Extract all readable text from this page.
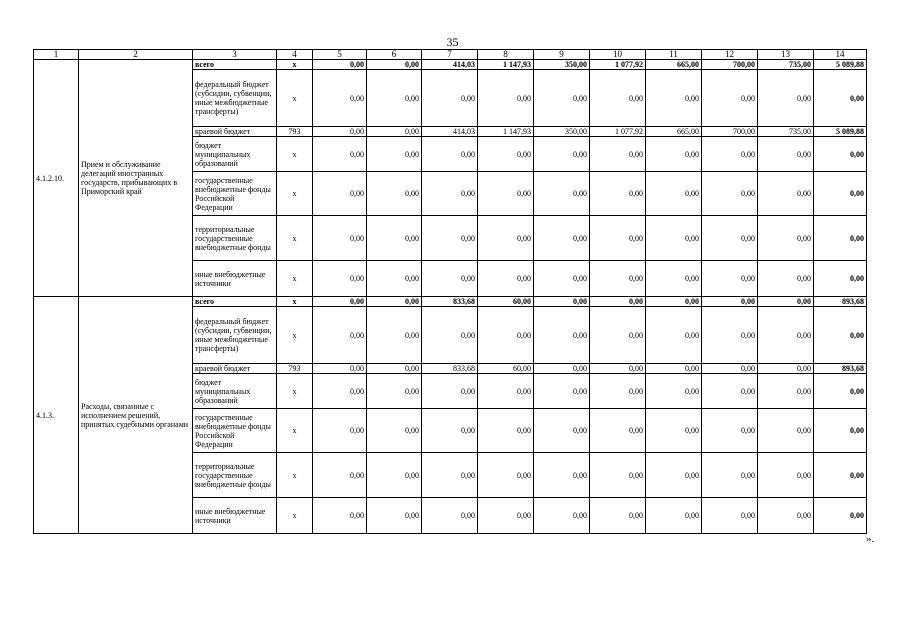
35
1	2	3	4	5	6	7	8	9	10	11	12	13	14
4.1.2.10.	Прием и обслуживание делегаций иностранных государств, прибывающих в Приморский край	всего	х	0,00	0,00	414,03	1 147,93	350,00	1 077,92	665,00	700,00	735,00	5 089,88
		федеральный бюджет (субсидии, субвенции, иные межбюджетные трансферты)	х	0,00	0,00	0,00	0,00	0,00	0,00	0,00	0,00	0,00	0,00
		краевой бюджет	793	0,00	0,00	414,03	1 147,93	350,00	1 077,92	665,00	700,00	735,00	5 089,88
		бюджет муниципальных образований	х	0,00	0,00	0,00	0,00	0,00	0,00	0,00	0,00	0,00	0,00
		государственные внебюджетные фонды Российской Федерации	х	0,00	0,00	0,00	0,00	0,00	0,00	0,00	0,00	0,00	0,00
		территориальные государственные внебюджетные фонды	х	0,00	0,00	0,00	0,00	0,00	0,00	0,00	0,00	0,00	0,00
		иные внебюджетные источники	х	0,00	0,00	0,00	0,00	0,00	0,00	0,00	0,00	0,00	0,00
4.1.3.	Расходы, связанные с исполнением решений, принятых судебными органами	всего	х	0,00	0,00	833,68	60,00	0,00	0,00	0,00	0,00	0,00	893,68
		федеральный бюджет (субсидии, субвенции, иные межбюджетные трансферты)	х	0,00	0,00	0,00	0,00	0,00	0,00	0,00	0,00	0,00	0,00
		краевой бюджет	793	0,00	0,00	833,68	60,00	0,00	0,00	0,00	0,00	0,00	893,68
		бюджет муниципальных образований	х	0,00	0,00	0,00	0,00	0,00	0,00	0,00	0,00	0,00	0,00
		государственные внебюджетные фонды Российской Федерации	х	0,00	0,00	0,00	0,00	0,00	0,00	0,00	0,00	0,00	0,00
		территориальные государственные внебюджетные фонды	х	0,00	0,00	0,00	0,00	0,00	0,00	0,00	0,00	0,00	0,00
		иные внебюджетные источники	х	0,00	0,00	0,00	0,00	0,00	0,00	0,00	0,00	0,00	0,00
».
